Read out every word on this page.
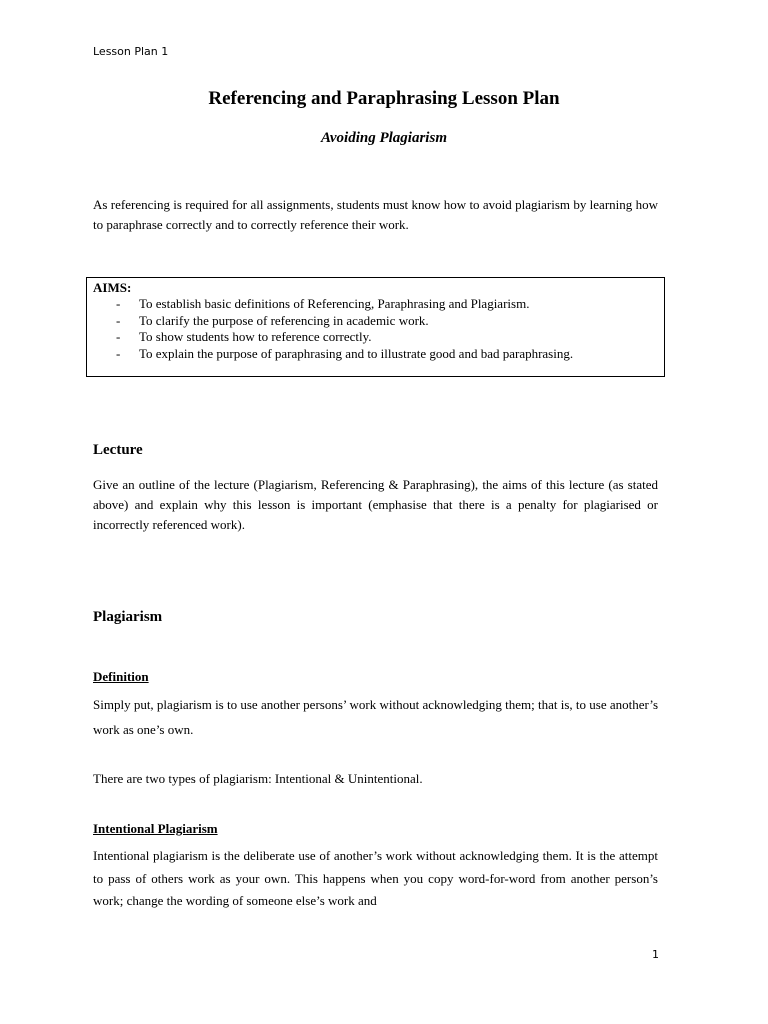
Lesson Plan 1
Referencing and Paraphrasing Lesson Plan
Avoiding Plagiarism
As referencing is required for all assignments, students must know how to avoid plagiarism by learning how to paraphrase correctly and to correctly reference their work.
AIMS:
- To establish basic definitions of Referencing, Paraphrasing and Plagiarism.
- To clarify the purpose of referencing in academic work.
- To show students how to reference correctly.
- To explain the purpose of paraphrasing and to illustrate good and bad paraphrasing.
Lecture
Give an outline of the lecture (Plagiarism, Referencing & Paraphrasing), the aims of this lecture (as stated above) and explain why this lesson is important (emphasise that there is a penalty for plagiarised or incorrectly referenced work).
Plagiarism
Definition
Simply put, plagiarism is to use another persons’ work without acknowledging them; that is, to use another’s work as one’s own.
There are two types of plagiarism: Intentional & Unintentional.
Intentional Plagiarism
Intentional plagiarism is the deliberate use of another’s work without acknowledging them. It is the attempt to pass of others work as your own. This happens when you copy word-for-word from another person’s work; change the wording of someone else’s work and
1
